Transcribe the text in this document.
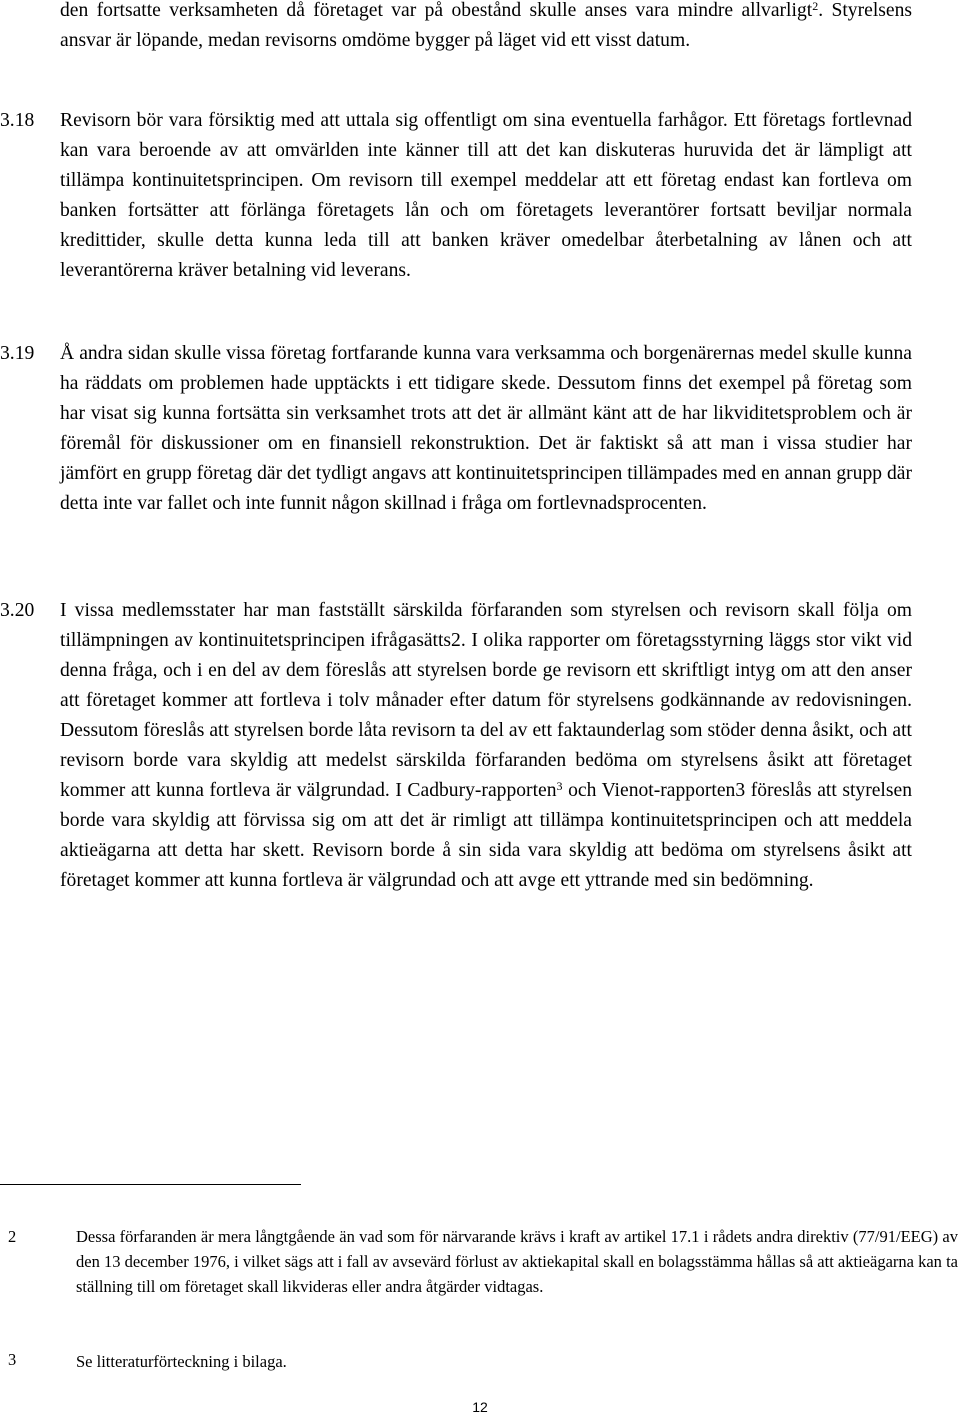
den fortsatte verksamheten då företaget var på obestånd skulle anses vara mindre allvarligt$^2$. Styrelsens ansvar är löpande, medan revisorns omdöme bygger på läget vid ett visst datum.

3.18 Revisorn bör vara försiktig med att uttala sig offentligt om sina eventuella farhågor. Ett företags fortlevnad kan vara beroende av att omvärlden inte känner till att det kan diskuteras huruvida det är lämpligt att tillämpa kontinuitetsprincipen. Om revisorn till exempel meddelar att ett företag endast kan fortleva om banken fortsätter att förlänga företagets lån och om företagets leverantörer fortsatt beviljar normala kredittider, skulle detta kunna leda till att banken kräver omedelbar återbetalning av lånen och att leverantörerna kräver betalning vid leverans.

3.19 Å andra sidan skulle vissa företag fortfarande kunna vara verksamma och borgenärernas medel skulle kunna ha räddats om problemen hade upptäckts i ett tidigare skede. Dessutom finns det exempel på företag som har visat sig kunna fortsätta sin verksamhet trots att det är allmänt känt att de har likviditetsproblem och är föremål för diskussioner om en finansiell rekonstruktion. Det är faktiskt så att man i vissa studier har jämfört en grupp företag där det tydligt angavs att kontinuitetsprincipen tillämpades med en annan grupp där detta inte var fallet och inte funnit någon skillnad i fråga om fortlevnadsprocenten.

3.20 I vissa medlemsstater har man fastställt särskilda förfaranden som styrelsen och revisorn skall följa om tillämpningen av kontinuitetsprincipen ifrågasätts2. I olika rapporter om företagsstyrning läggs stor vikt vid denna fråga, och i en del av dem föreslås att styrelsen borde ge revisorn ett skriftligt intyg om att den anser att företaget kommer att fortleva i tolv månader efter datum för styrelsens godkännande av redovisningen. Dessutom föreslås att styrelsen borde låta revisorn ta del av ett faktaunderlag som stöder denna åsikt, och att revisorn borde vara skyldig att medelst särskilda förfaranden bedöma om styrelsens åsikt att företaget kommer att kunna fortleva är välgrundad. I Cadbury-rapporten$^3$ och Vienot-rapporten3 föreslås att styrelsen borde vara skyldig att förvissa sig om att det är rimligt att tillämpa kontinuitetsprincipen och att meddela aktieägarna att detta har skett. Revisorn borde å sin sida vara skyldig att bedöma om styrelsens åsikt att företaget kommer att kunna fortleva är välgrundad och att avge ett yttrande med sin bedömning.

2	Dessa förfaranden är mera långtgående än vad som för närvarande krävs i kraft av artikel 17.1 i rådets andra direktiv (77/91/EEG) av den 13 december 1976, i vilket sägs att i fall av avsevärd förlust av aktiekapital skall en bolagsstämma hållas så att aktieägarna kan ta ställning till om företaget skall likvideras eller andra åtgärder vidtagas.

3	Se litteraturförteckning i bilaga.

12
